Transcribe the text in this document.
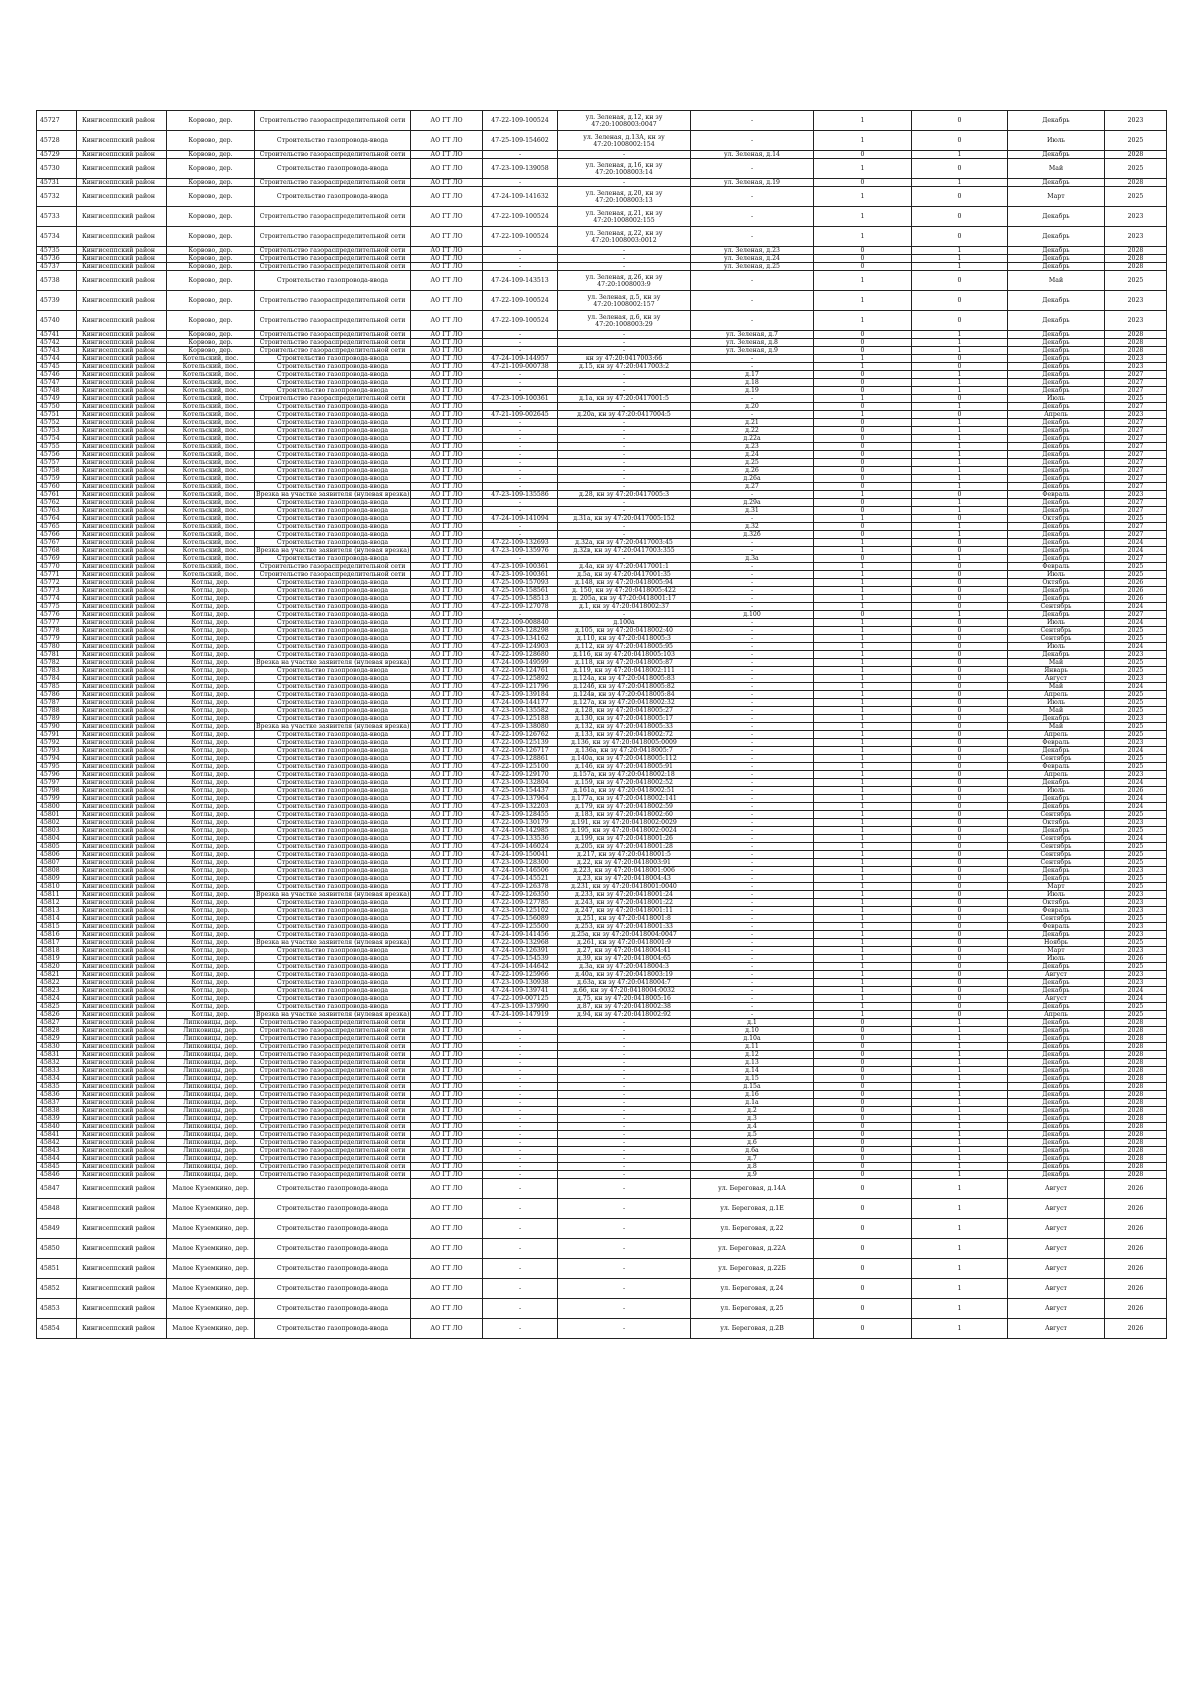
45727	Кингисеппский район	Корвово, дер.	Строительство газораспределительной сети	АО ГТ ЛО	47-22-109-100524	ул. Зеленая, д.12, кн зу 47:20:1008003:0047	-	1	0	Декабрь	2023
45728	Кингисеппский район	Корвово, дер.	Строительство газопровода-ввода	АО ГТ ЛО	47-25-109-154602	ул. Зеленая, д.13А, кн зу 47:20:1008002:154	-	1	0	Июль	2025
45729	Кингисеппский район	Корвово, дер.	Строительство газораспределительной сети	АО ГТ ЛО	-	-	ул. Зеленая, д.14	0	1	Декабрь	2028
45730	Кингисеппский район	Корвово, дер.	Строительство газопровода-ввода	АО ГТ ЛО	47-23-109-139058	ул. Зеленая, д.16, кн зу 47:20:1008003:14	-	1	0	Май	2025
45731	Кингисеппский район	Корвово, дер.	Строительство газораспределительной сети	АО ГТ ЛО	-	-	ул. Зеленая, д.19	0	1	Декабрь	2028
45732	Кингисеппский район	Корвово, дер.	Строительство газопровода-ввода	АО ГТ ЛО	47-24-109-141632	ул. Зеленая, д.20, кн зу 47:20:1008003:13	-	1	0	Март	2025
45733	Кингисеппский район	Корвово, дер.	Строительство газораспределительной сети	АО ГТ ЛО	47-22-109-100524	ул. Зеленая, д.21, кн зу 47:20:1008002:155	-	1	0	Декабрь	2023
45734	Кингисеппский район	Корвово, дер.	Строительство газораспределительной сети	АО ГТ ЛО	47-22-109-100524	ул. Зеленая, д.22, кн зу 47:20:1008003:0012	-	1	0	Декабрь	2023
45735	Кингисеппский район	Корвово, дер.	Строительство газораспределительной сети	АО ГТ ЛО	-	-	ул. Зеленая, д.23	0	1	Декабрь	2028
45736	Кингисеппский район	Корвово, дер.	Строительство газораспределительной сети	АО ГТ ЛО	-	-	ул. Зеленая, д.24	0	1	Декабрь	2028
45737	Кингисеппский район	Корвово, дер.	Строительство газораспределительной сети	АО ГТ ЛО	-	-	ул. Зеленая, д.25	0	1	Декабрь	2028
45738	Кингисеппский район	Корвово, дер.	Строительство газопровода-ввода	АО ГТ ЛО	47-24-109-143513	ул. Зеленая, д.26, кн зу 47:20:1008003:9	-	1	0	Май	2025
45739	Кингисеппский район	Корвово, дер.	Строительство газораспределительной сети	АО ГТ ЛО	47-22-109-100524	ул. Зеленая, д.5, кн зу 47:20:1008002:157	-	1	0	Декабрь	2023
45740	Кингисеппский район	Корвово, дер.	Строительство газораспределительной сети	АО ГТ ЛО	47-22-109-100524	ул. Зеленая, д.6, кн зу 47:20:1008003:29	-	1	0	Декабрь	2023
45741	Кингисеппский район	Корвово, дер.	Строительство газораспределительной сети	АО ГТ ЛО	-	-	ул. Зеленая, д.7	0	1	Декабрь	2028
45742	Кингисеппский район	Корвово, дер.	Строительство газораспределительной сети	АО ГТ ЛО	-	-	ул. Зеленая, д.8	0	1	Декабрь	2028
45743	Кингисеппский район	Корвово, дер.	Строительство газораспределительной сети	АО ГТ ЛО	-	-	ул. Зеленая, д.9	0	1	Декабрь	2028
45744	Кингисеппский район	Котельский, пос.	Строительство газопровода-ввода	АО ГТ ЛО	47-24-109-144957	кн зу 47:20:0417003:66	-	1	0	Декабрь	2023
45745	Кингисеппский район	Котельский, пос.	Строительство газопровода-ввода	АО ГТ ЛО	47-21-109-000738	д.15, кн зу 47:20:0417003:2	-	1	0	Декабрь	2023
45746	Кингисеппский район	Котельский, пос.	Строительство газопровода-ввода	АО ГТ ЛО	-	-	д.17	0	1	Декабрь	2027
45747	Кингисеппский район	Котельский, пос.	Строительство газопровода-ввода	АО ГТ ЛО	-	-	д.18	0	1	Декабрь	2027
45748	Кингисеппский район	Котельский, пос.	Строительство газопровода-ввода	АО ГТ ЛО	-	-	д.19	0	1	Декабрь	2027
45749	Кингисеппский район	Котельский, пос.	Строительство газораспределительной сети	АО ГТ ЛО	47-23-109-100361	д.1а, кн зу 47:20:0417001:5	-	1	0	Июль	2025
45750	Кингисеппский район	Котельский, пос.	Строительство газопровода-ввода	АО ГТ ЛО	-	-	д.20	0	1	Декабрь	2027
45751	Кингисеппский район	Котельский, пос.	Строительство газопровода-ввода	АО ГТ ЛО	47-21-109-002645	д.20а, кн зу 47:20:0417004:5	-	1	0	Апрель	2023
45752	Кингисеппский район	Котельский, пос.	Строительство газопровода-ввода	АО ГТ ЛО	-	-	д.21	0	1	Декабрь	2027
45753	Кингисеппский район	Котельский, пос.	Строительство газопровода-ввода	АО ГТ ЛО	-	-	д.22	0	1	Декабрь	2027
45754	Кингисеппский район	Котельский, пос.	Строительство газопровода-ввода	АО ГТ ЛО	-	-	д.22а	0	1	Декабрь	2027
45755	Кингисеппский район	Котельский, пос.	Строительство газопровода-ввода	АО ГТ ЛО	-	-	д.23	0	1	Декабрь	2027
45756	Кингисеппский район	Котельский, пос.	Строительство газопровода-ввода	АО ГТ ЛО	-	-	д.24	0	1	Декабрь	2027
45757	Кингисеппский район	Котельский, пос.	Строительство газопровода-ввода	АО ГТ ЛО	-	-	д.25	0	1	Декабрь	2027
45758	Кингисеппский район	Котельский, пос.	Строительство газопровода-ввода	АО ГТ ЛО	-	-	д.26	0	1	Декабрь	2027
45759	Кингисеппский район	Котельский, пос.	Строительство газопровода-ввода	АО ГТ ЛО	-	-	д.26а	0	1	Декабрь	2027
45760	Кингисеппский район	Котельский, пос.	Строительство газопровода-ввода	АО ГТ ЛО	-	-	д.27	0	1	Декабрь	2027
45761	Кингисеппский район	Котельский, пос.	Врезка на участке заявителя (нулевая врезка)	АО ГТ ЛО	47-23-109-135586	д.28, кн зу 47:20:0417005:3	-	1	0	Февраль	2023
45762	Кингисеппский район	Котельский, пос.	Строительство газопровода-ввода	АО ГТ ЛО	-	-	д.29а	0	1	Декабрь	2027
45763	Кингисеппский район	Котельский, пос.	Строительство газопровода-ввода	АО ГТ ЛО	-	-	д.31	0	1	Декабрь	2027
45764	Кингисеппский район	Котельский, пос.	Строительство газопровода-ввода	АО ГТ ЛО	47-24-109-141094	д.31а, кн зу 47:20:0417005:152	-	1	0	Октябрь	2025
45765	Кингисеппский район	Котельский, пос.	Строительство газопровода-ввода	АО ГТ ЛО	-	-	д.32	0	1	Декабрь	2027
45766	Кингисеппский район	Котельский, пос.	Строительство газопровода-ввода	АО ГТ ЛО	-	-	д.32б	0	1	Декабрь	2027
45767	Кингисеппский район	Котельский, пос.	Строительство газопровода-ввода	АО ГТ ЛО	47-22-109-132693	д.32а, кн зу 47:20:0417003:45	-	1	0	Декабрь	2024
45768	Кингисеппский район	Котельский, пос.	Врезка на участке заявителя (нулевая врезка)	АО ГТ ЛО	47-23-109-135976	д.32в, кн зу 47:20:0417003:355	-	1	0	Декабрь	2024
45769	Кингисеппский район	Котельский, пос.	Строительство газопровода-ввода	АО ГТ ЛО	-	-	д.3а	0	1	Декабрь	2027
45770	Кингисеппский район	Котельский, пос.	Строительство газораспределительной сети	АО ГТ ЛО	47-23-109-100361	д.4а, кн зу 47:20:0417001:1	-	1	0	Февраль	2025
45771	Кингисеппский район	Котельский, пос.	Строительство газораспределительной сети	АО ГТ ЛО	47-23-109-100361	д.5а, кн зу 47:20:0417001:35	-	1	0	Июль	2025
45772	Кингисеппский район	Котлы, дер.	Строительство газопровода-ввода	АО ГТ ЛО	47-25-109-157093	д.148, кн зу 47:20:0418005:94	-	1	0	Октябрь	2026
45773	Кингисеппский район	Котлы, дер.	Строительство газопровода-ввода	АО ГТ ЛО	47-25-109-158561	д. 150, кн зу 47:20:0418005:422	-	1	0	Декабрь	2026
45774	Кингисеппский район	Котлы, дер.	Строительство газопровода-ввода	АО ГТ ЛО	47-25-109-158513	д. 205а, кн зу 47:20:0418001:17	-	1	0	Декабрь	2026
45775	Кингисеппский район	Котлы, дер.	Строительство газопровода-ввода	АО ГТ ЛО	47-22-109-127078	д.1, кн зу 47:20:0418002:37	-	1	0	Сентябрь	2024
45776	Кингисеппский район	Котлы, дер.	Строительство газопровода-ввода	АО ГТ ЛО	-	-	д.100	0	1	Декабрь	2027
45777	Кингисеппский район	Котлы, дер.	Строительство газопровода-ввода	АО ГТ ЛО	47-22-109-008840	д.100а	-	1	0	Июль	2024
45778	Кингисеппский район	Котлы, дер.	Строительство газопровода-ввода	АО ГТ ЛО	47-23-109-128298	д.105, кн зу 47:20:0418002:40	-	1	0	Сентябрь	2025
45779	Кингисеппский район	Котлы, дер.	Строительство газопровода-ввода	АО ГТ ЛО	47-23-109-134162	д.110, кн зу 47:20:0418005:3	-	1	0	Сентябрь	2025
45780	Кингисеппский район	Котлы, дер.	Строительство газопровода-ввода	АО ГТ ЛО	47-22-109-124903	д.112, кн зу 47:20:0418005:95	-	1	0	Июль	2024
45781	Кингисеппский район	Котлы, дер.	Строительство газопровода-ввода	АО ГТ ЛО	47-22-109-128680	д.116, кн зу 47:20:0418005:103	-	1	0	Декабрь	2023
45782	Кингисеппский район	Котлы, дер.	Врезка на участке заявителя (нулевая врезка)	АО ГТ ЛО	47-24-109-149599	д.118, кн зу 47:20:0418005:87	-	1	0	Май	2025
45783	Кингисеппский район	Котлы, дер.	Строительство газопровода-ввода	АО ГТ ЛО	47-22-109-124761	д.119, кн зу 47:20:0418002:111	-	1	0	Январь	2025
45784	Кингисеппский район	Котлы, дер.	Строительство газопровода-ввода	АО ГТ ЛО	47-22-109-125892	д.124а, кн зу 47:20:0418005:83	-	1	0	Август	2023
45785	Кингисеппский район	Котлы, дер.	Строительство газопровода-ввода	АО ГТ ЛО	47-22-109-121796	д.124б, кн зу 47:20:0418005:82	-	1	0	Май	2024
45786	Кингисеппский район	Котлы, дер.	Строительство газопровода-ввода	АО ГТ ЛО	47-23-109-139184	д.124в, кн зу 47:20:0418005:84	-	1	0	Апрель	2025
45787	Кингисеппский район	Котлы, дер.	Строительство газопровода-ввода	АО ГТ ЛО	47-24-109-144177	д.127а, кн зу 47:20:0418002:32	-	1	0	Июль	2025
45788	Кингисеппский район	Котлы, дер.	Строительство газопровода-ввода	АО ГТ ЛО	47-23-109-135582	д.128, кн зу 47:20:0418005:27	-	1	0	Май	2025
45789	Кингисеппский район	Котлы, дер.	Строительство газопровода-ввода	АО ГТ ЛО	47-23-109-125188	д.130, кн зу 47:20:0418005:17	-	1	0	Декабрь	2023
45790	Кингисеппский район	Котлы, дер.	Врезка на участке заявителя (нулевая врезка)	АО ГТ ЛО	47-23-109-138080	д.132, кн зу 47:20:0418005:33	-	1	0	Май	2025
45791	Кингисеппский район	Котлы, дер.	Строительство газопровода-ввода	АО ГТ ЛО	47-22-109-126762	д.133, кн зу 47:20:0418002:72	-	1	0	Апрель	2025
45792	Кингисеппский район	Котлы, дер.	Строительство газопровода-ввода	АО ГТ ЛО	47-22-109-125139	д.136, кн зу 47:20:0418005:0009	-	1	0	Февраль	2023
45793	Кингисеппский район	Котлы, дер.	Строительство газопровода-ввода	АО ГТ ЛО	47-22-109-126717	д.136а, кн зу 47:20:0418005:7	-	1	0	Декабрь	2024
45794	Кингисеппский район	Котлы, дер.	Строительство газопровода-ввода	АО ГТ ЛО	47-23-109-128861	д.140а, кн зу 47:20:0418005:112	-	1	0	Сентябрь	2025
45795	Кингисеппский район	Котлы, дер.	Строительство газопровода-ввода	АО ГТ ЛО	47-22-109-125100	д.146, кн зу 47:20:0418005:91	-	1	0	Февраль	2025
45796	Кингисеппский район	Котлы, дер.	Строительство газопровода-ввода	АО ГТ ЛО	47-22-109-129170	д.157а, кн зу 47:20:0418002:18	-	1	0	Апрель	2023
45797	Кингисеппский район	Котлы, дер.	Строительство газопровода-ввода	АО ГТ ЛО	47-23-109-132804	д.159, кн зу 47:20:0418002:52	-	1	0	Декабрь	2024
45798	Кингисеппский район	Котлы, дер.	Строительство газопровода-ввода	АО ГТ ЛО	47-25-109-154437	д.161а, кн зу 47:20:0418002:51	-	1	0	Июль	2026
45799	Кингисеппский район	Котлы, дер.	Строительство газопровода-ввода	АО ГТ ЛО	47-23-109-137964	д.177а, кн зу 47:20:0418002:141	-	1	0	Декабрь	2024
45800	Кингисеппский район	Котлы, дер.	Строительство газопровода-ввода	АО ГТ ЛО	47-23-109-132203	д.179, кн зу 47:20:0418002:59	-	1	0	Декабрь	2024
45801	Кингисеппский район	Котлы, дер.	Строительство газопровода-ввода	АО ГТ ЛО	47-23-109-128455	д.183, кн зу 47:20:0418002:60	-	1	0	Сентябрь	2025
45802	Кингисеппский район	Котлы, дер.	Строительство газопровода-ввода	АО ГТ ЛО	47-22-109-130179	д.191, кн зу 47:20:0418002:0029	-	1	0	Октябрь	2023
45803	Кингисеппский район	Котлы, дер.	Строительство газопровода-ввода	АО ГТ ЛО	47-24-109-142985	д.195, кн зу 47:20:0418002:0024	-	1	0	Декабрь	2025
45804	Кингисеппский район	Котлы, дер.	Строительство газопровода-ввода	АО ГТ ЛО	47-23-109-133536	д.199, кн зу 47:20:0418001:26	-	1	0	Сентябрь	2024
45805	Кингисеппский район	Котлы, дер.	Строительство газопровода-ввода	АО ГТ ЛО	47-24-109-146024	д.205, кн зу 47:20:0418001:28	-	1	0	Сентябрь	2025
45806	Кингисеппский район	Котлы, дер.	Строительство газопровода-ввода	АО ГТ ЛО	47-24-109-150041	д.217, кн зу 47:20:0418001:5	-	1	0	Сентябрь	2025
45807	Кингисеппский район	Котлы, дер.	Строительство газопровода-ввода	АО ГТ ЛО	47-23-109-128300	д.22, кн зу 47:20:0418003:91	-	1	0	Сентябрь	2025
45808	Кингисеппский район	Котлы, дер.	Строительство газопровода-ввода	АО ГТ ЛО	47-24-109-146506	д.223, кн зу 47:20:0418001:006	-	1	0	Декабрь	2023
45809	Кингисеппский район	Котлы, дер.	Строительство газопровода-ввода	АО ГТ ЛО	47-24-109-145521	д.23, кн зу 47:20:0418004:43	-	1	0	Декабрь	2025
45810	Кингисеппский район	Котлы, дер.	Строительство газопровода-ввода	АО ГТ ЛО	47-22-109-126378	д.231, кн зу 47:20:0418001:0040	-	1	0	Март	2025
45811	Кингисеппский район	Котлы, дер.	Врезка на участке заявителя (нулевая врезка)	АО ГТ ЛО	47-22-109-126350	д.233, кн зу 47:20:0418001:24	-	1	0	Июль	2023
45812	Кингисеппский район	Котлы, дер.	Строительство газопровода-ввода	АО ГТ ЛО	47-22-109-127785	д.243, кн зу 47:20:0418001:22	-	1	0	Октябрь	2023
45813	Кингисеппский район	Котлы, дер.	Строительство газопровода-ввода	АО ГТ ЛО	47-23-109-125102	д.247, кн зу 47:20:0418001:11	-	1	0	Февраль	2023
45814	Кингисеппский район	Котлы, дер.	Строительство газопровода-ввода	АО ГТ ЛО	47-25-109-156089	д.251, кн зу 47:20:0418001:8	-	1	0	Сентябрь	2025
45815	Кингисеппский район	Котлы, дер.	Строительство газопровода-ввода	АО ГТ ЛО	47-22-109-125500	д.253, кн зу 47:20:0418001:33	-	1	0	Февраль	2023
45816	Кингисеппский район	Котлы, дер.	Строительство газопровода-ввода	АО ГТ ЛО	47-24-109-141456	д.25а, кн зу 47:20:0418004:0047	-	1	0	Декабрь	2023
45817	Кингисеппский район	Котлы, дер.	Врезка на участке заявителя (нулевая врезка)	АО ГТ ЛО	47-22-109-132968	д.261, кн зу 47:20:0418001:9	-	1	0	Ноябрь	2025
45818	Кингисеппский район	Котлы, дер.	Строительство газопровода-ввода	АО ГТ ЛО	47-24-109-126391	д.27, кн зу 47:20:0418004:41	-	1	0	Март	2023
45819	Кингисеппский район	Котлы, дер.	Строительство газопровода-ввода	АО ГТ ЛО	47-25-109-154539	д.39, кн зу 47:20:0418004:65	-	1	0	Июль	2026
45820	Кингисеппский район	Котлы, дер.	Строительство газопровода-ввода	АО ГТ ЛО	47-24-109-144642	д.3а, кн зу 47:20:0418004:3	-	1	0	Декабрь	2025
45821	Кингисеппский район	Котлы, дер.	Строительство газопровода-ввода	АО ГТ ЛО	47-22-109-125966	д.40а, кн зу 47:20:0418003:19	-	1	0	Август	2023
45822	Кингисеппский район	Котлы, дер.	Строительство газопровода-ввода	АО ГТ ЛО	47-23-109-130938	д.63а, кн зу 47:20:0418004:7	-	1	0	Декабрь	2023
45823	Кингисеппский район	Котлы, дер.	Строительство газопровода-ввода	АО ГТ ЛО	47-24-109-139741	д.66, кн зу 47:20:0418004:0032	-	1	0	Декабрь	2024
45824	Кингисеппский район	Котлы, дер.	Строительство газопровода-ввода	АО ГТ ЛО	47-22-109-007125	д.75, кн зу 47:20:0418005:16	-	1	0	Август	2024
45825	Кингисеппский район	Котлы, дер.	Строительство газопровода-ввода	АО ГТ ЛО	47-23-109-137990	д.87, кн зу 47:20:0418002:38	-	1	0	Декабрь	2025
45826	Кингисеппский район	Котлы, дер.	Врезка на участке заявителя (нулевая врезка)	АО ГТ ЛО	47-24-109-147919	д.94, кн зу 47:20:0418002:92	-	1	0	Апрель	2025
45827	Кингисеппский район	Липковицы, дер.	Строительство газораспределительной сети	АО ГТ ЛО	-	-	д.1	0	1	Декабрь	2028
45828	Кингисеппский район	Липковицы, дер.	Строительство газораспределительной сети	АО ГТ ЛО	-	-	д.10	0	1	Декабрь	2028
45829	Кингисеппский район	Липковицы, дер.	Строительство газораспределительной сети	АО ГТ ЛО	-	-	д.10а	0	1	Декабрь	2028
45830	Кингисеппский район	Липковицы, дер.	Строительство газораспределительной сети	АО ГТ ЛО	-	-	д.11	0	1	Декабрь	2028
45831	Кингисеппский район	Липковицы, дер.	Строительство газораспределительной сети	АО ГТ ЛО	-	-	д.12	0	1	Декабрь	2028
45832	Кингисеппский район	Липковицы, дер.	Строительство газораспределительной сети	АО ГТ ЛО	-	-	д.13	0	1	Декабрь	2028
45833	Кингисеппский район	Липковицы, дер.	Строительство газораспределительной сети	АО ГТ ЛО	-	-	д.14	0	1	Декабрь	2028
45834	Кингисеппский район	Липковицы, дер.	Строительство газораспределительной сети	АО ГТ ЛО	-	-	д.15	0	1	Декабрь	2028
45835	Кингисеппский район	Липковицы, дер.	Строительство газораспределительной сети	АО ГТ ЛО	-	-	д.15а	0	1	Декабрь	2028
45836	Кингисеппский район	Липковицы, дер.	Строительство газораспределительной сети	АО ГТ ЛО	-	-	д.16	0	1	Декабрь	2028
45837	Кингисеппский район	Липковицы, дер.	Строительство газораспределительной сети	АО ГТ ЛО	-	-	д.1а	0	1	Декабрь	2028
45838	Кингисеппский район	Липковицы, дер.	Строительство газораспределительной сети	АО ГТ ЛО	-	-	д.2	0	1	Декабрь	2028
45839	Кингисеппский район	Липковицы, дер.	Строительство газораспределительной сети	АО ГТ ЛО	-	-	д.3	0	1	Декабрь	2028
45840	Кингисеппский район	Липковицы, дер.	Строительство газораспределительной сети	АО ГТ ЛО	-	-	д.4	0	1	Декабрь	2028
45841	Кингисеппский район	Липковицы, дер.	Строительство газораспределительной сети	АО ГТ ЛО	-	-	д.5	0	1	Декабрь	2028
45842	Кингисеппский район	Липковицы, дер.	Строительство газораспределительной сети	АО ГТ ЛО	-	-	д.6	0	1	Декабрь	2028
45843	Кингисеппский район	Липковицы, дер.	Строительство газораспределительной сети	АО ГТ ЛО	-	-	д.6а	0	1	Декабрь	2028
45844	Кингисеппский район	Липковицы, дер.	Строительство газораспределительной сети	АО ГТ ЛО	-	-	д.7	0	1	Декабрь	2028
45845	Кингисеппский район	Липковицы, дер.	Строительство газораспределительной сети	АО ГТ ЛО	-	-	д.8	0	1	Декабрь	2028
45846	Кингисеппский район	Липковицы, дер.	Строительство газораспределительной сети	АО ГТ ЛО	-	-	д.9	0	1	Декабрь	2028
45847	Кингисеппский район	Малое Куземкино, дер.	Строительство газопровода-ввода	АО ГТ ЛО	-	-	ул. Береговая, д.14А	0	1	Август	2026
45848	Кингисеппский район	Малое Куземкино, дер.	Строительство газопровода-ввода	АО ГТ ЛО	-	-	ул. Береговая, д.1Е	0	1	Август	2026
45849	Кингисеппский район	Малое Куземкино, дер.	Строительство газопровода-ввода	АО ГТ ЛО	-	-	ул. Береговая, д.22	0	1	Август	2026
45850	Кингисеппский район	Малое Куземкино, дер.	Строительство газопровода-ввода	АО ГТ ЛО	-	-	ул. Береговая, д.22А	0	1	Август	2026
45851	Кингисеппский район	Малое Куземкино, дер.	Строительство газопровода-ввода	АО ГТ ЛО	-	-	ул. Береговая, д.22Б	0	1	Август	2026
45852	Кингисеппский район	Малое Куземкино, дер.	Строительство газопровода-ввода	АО ГТ ЛО	-	-	ул. Береговая, д.24	0	1	Август	2026
45853	Кингисеппский район	Малое Куземкино, дер.	Строительство газопровода-ввода	АО ГТ ЛО	-	-	ул. Береговая, д.25	0	1	Август	2026
45854	Кингисеппский район	Малое Куземкино, дер.	Строительство газопровода-ввода	АО ГТ ЛО	-	-	ул. Береговая, д.2В	0	1	Август	2026
